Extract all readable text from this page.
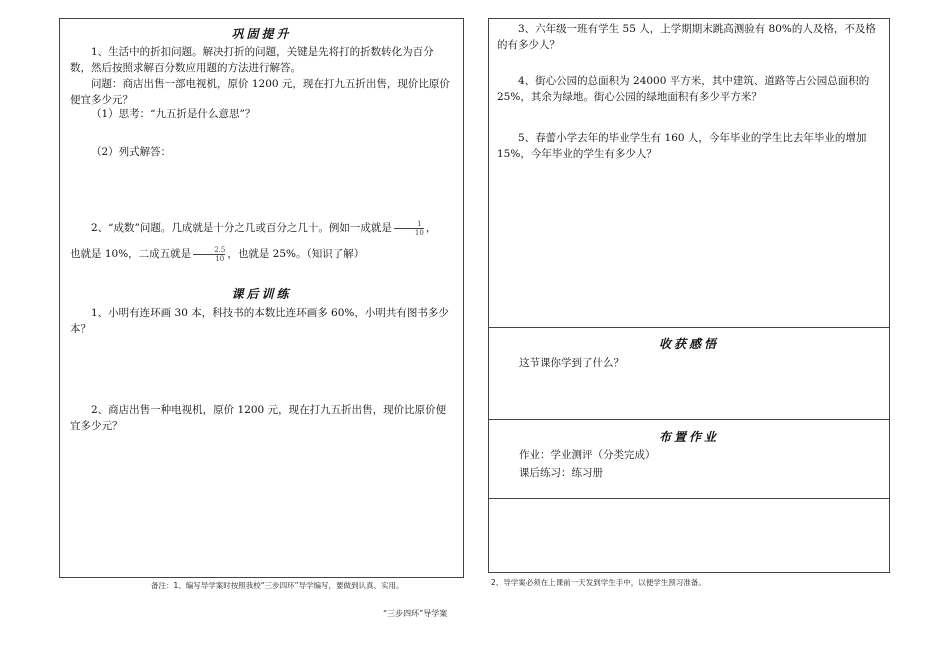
巩固提升

1、生活中的折扣问题。解决打折的问题，关键是先将打的折数转化为百分数，然后按照求解百分数应用题的方法进行解答。

问题：商店出售一部电视机，原价 1200 元，现在打九五折出售，现价比原价便宜多少元？

（1）思考：“九五折是什么意思”？

（2）列式解答：

2、“成数”问题。几成就是十分之几或百分之几十。例如一成就是 $\frac{1}{10}$ ，
也就是 10%，二成五就是 $\frac{2.5}{10}$ ，也就是 25%。（知识了解）

课后训练

1、小明有连环画 30 本，科技书的本数比连环画多 60%，小明共有图书多少本？

2、商店出售一种电视机，原价 1200 元，现在打九五折出售，现价比原价便宜多少元？

3、六年级一班有学生 55 人，上学期期末跳高测验有 80%的人及格，不及格的有多少人？

4、街心公园的总面积为 24000 平方米，其中建筑、道路等占公园总面积的 25%，其余为绿地。街心公园的绿地面积有多少平方米？

5、春蕾小学去年的毕业学生有 160 人，今年毕业的学生比去年毕业的增加 15%，今年毕业的学生有多少人？

收获感悟

这节课你学到了什么？

布置作业

作业：学业测评（分类完成）

课后练习：练习册

备注：1、编写导学案时按照我校“三步四环”导学编写，要做到认真、实用。	2、导学案必须在上课前一天发到学生手中，以便学生预习准备。
“三步四环”导学案
